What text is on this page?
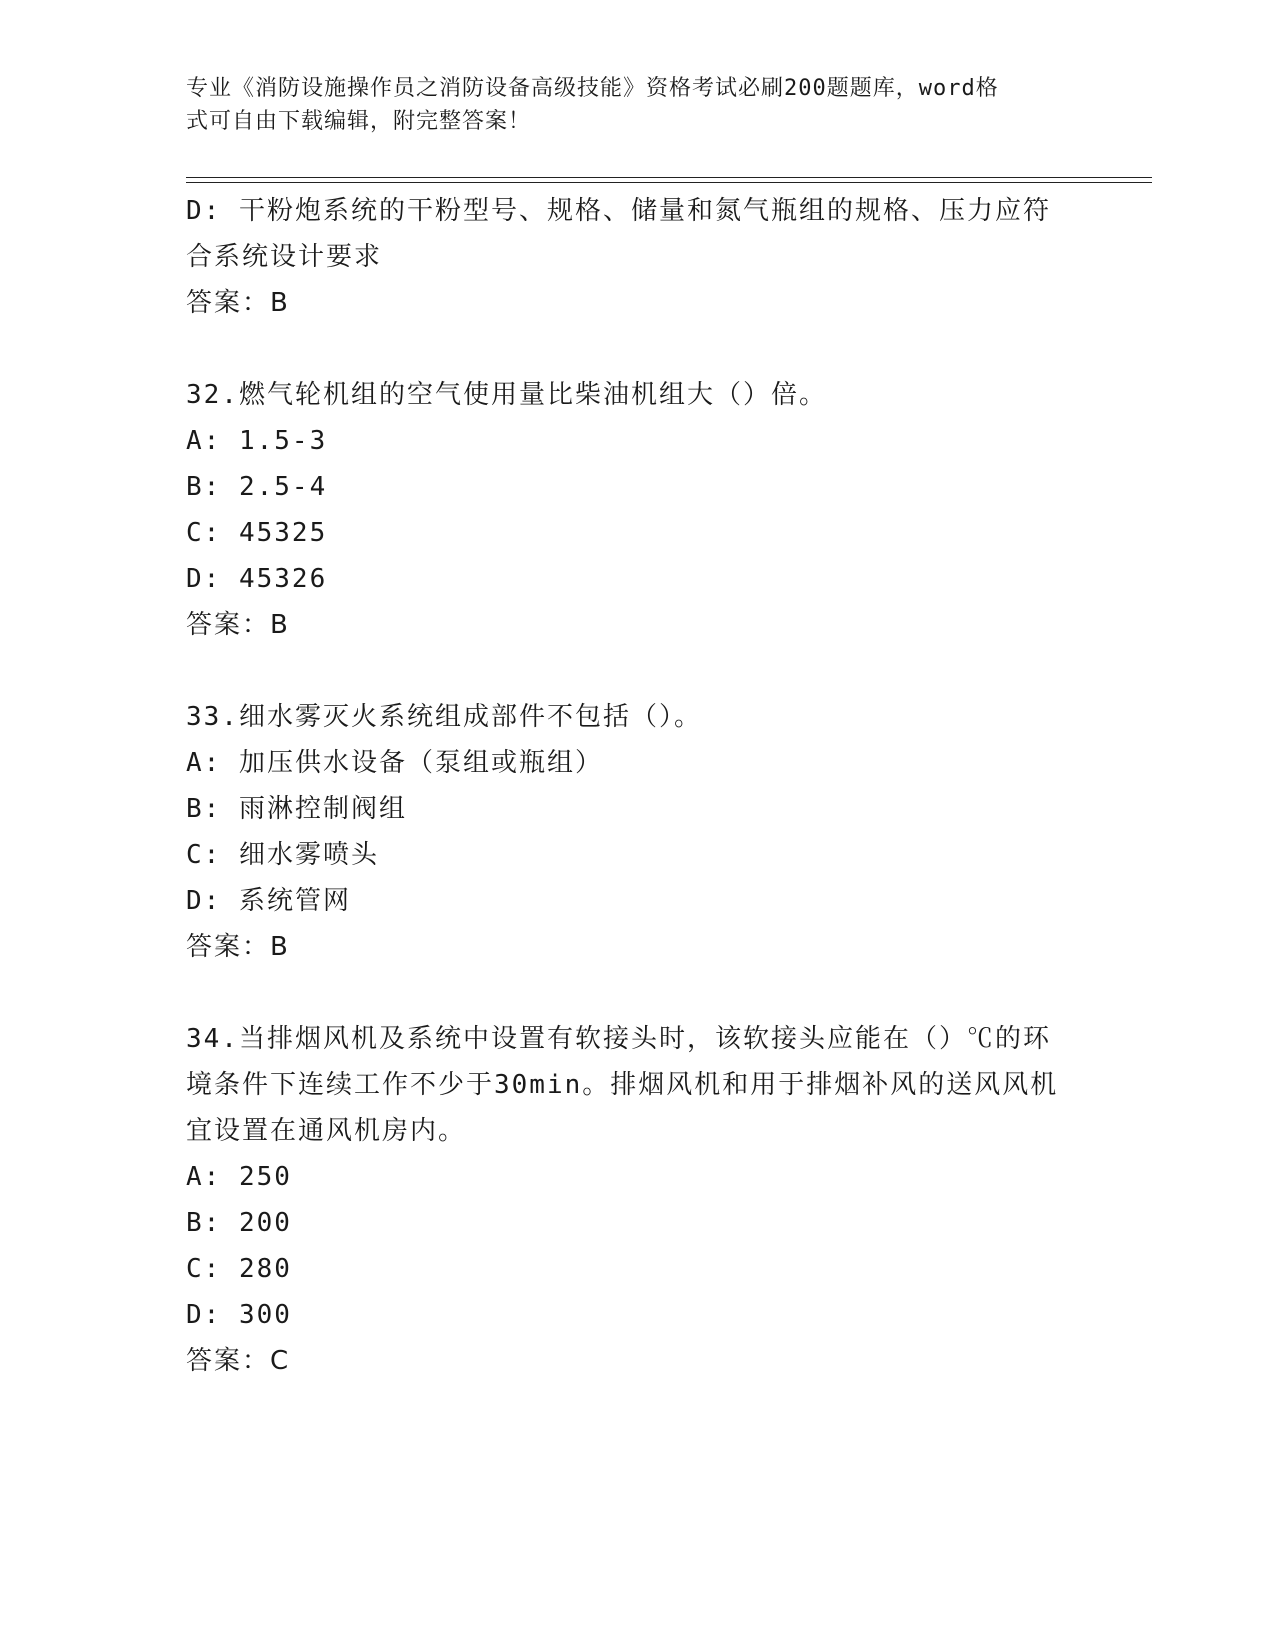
专业《消防设施操作员之消防设备高级技能》资格考试必刷200题题库，word格
式可自由下载编辑，附完整答案！
D: 干粉炮系统的干粉型号、规格、储量和氮气瓶组的规格、压力应符
合系统设计要求
答案：B
32.燃气轮机组的空气使用量比柴油机组大（）倍。
A: 1.5-3
B: 2.5-4
C: 45325
D: 45326
答案：B
33.细水雾灭火系统组成部件不包括（）。
A: 加压供水设备（泵组或瓶组）
B: 雨淋控制阀组
C: 细水雾喷头
D: 系统管网
答案：B
34.当排烟风机及系统中设置有软接头时，该软接头应能在（）℃的环
境条件下连续工作不少于30min。排烟风机和用于排烟补风的送风风机
宜设置在通风机房内。
A: 250
B: 200
C: 280
D: 300
答案：C
